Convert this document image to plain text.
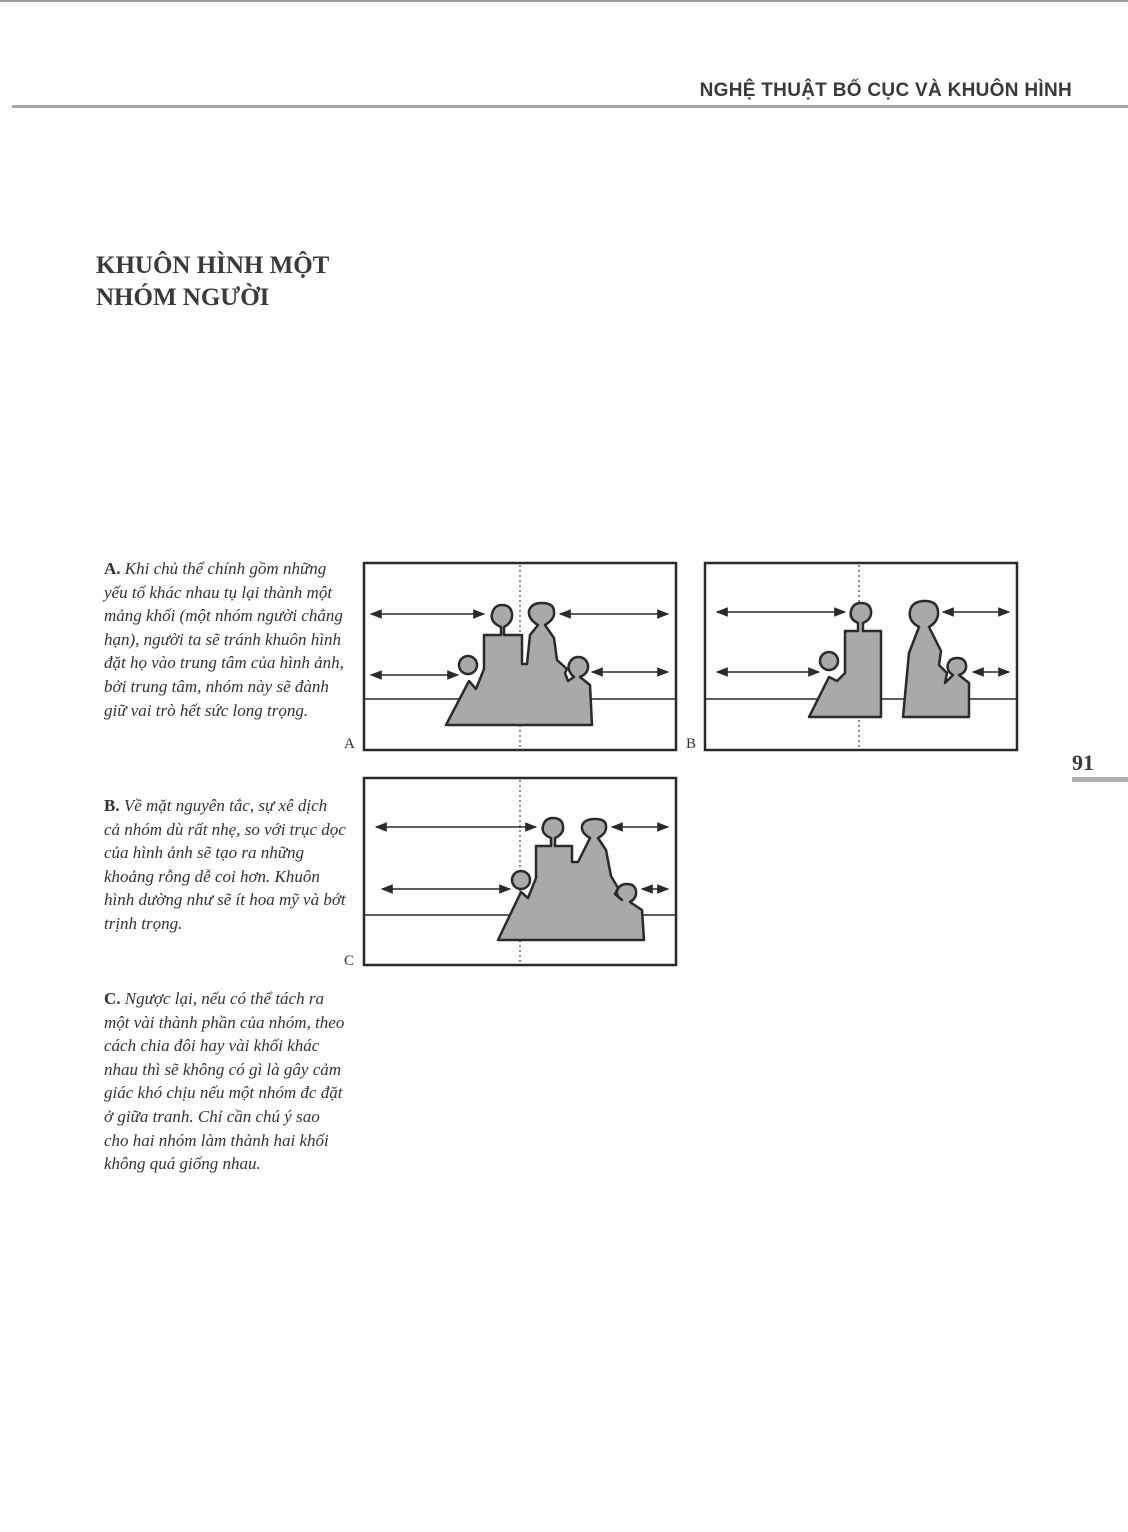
NGHỆ THUẬT BỐ CỤC VÀ KHUÔN HÌNH
KHUÔN HÌNH MỘT
NHÓM NGƯỜI
A. Khi chủ thể chính gồm những yếu tố khác nhau tụ lại thành một mảng khối (một nhóm người chẳng hạn), người ta sẽ tránh khuôn hình đặt họ vào trung tâm của hình ảnh, bởi trung tâm, nhóm này sẽ đành giữ vai trò hết sức long trọng.
B. Về mặt nguyên tắc, sự xê dịch cả nhóm dù rất nhẹ, so với trục dọc của hình ảnh sẽ tạo ra những khoảng rỗng dễ coi hơn. Khuôn hình dường như sẽ ít hoa mỹ và bớt trịnh trọng.
C. Ngược lại, nếu có thể tách ra một vài thành phần của nhóm, theo cách chia đôi hay vài khối khác nhau thì sẽ không có gì là gây cảm giác khó chịu nếu một nhóm đc đặt ở giữa tranh. Chỉ cần chú ý sao cho hai nhóm làm thành hai khối không quá giống nhau.
A	B
C
91
